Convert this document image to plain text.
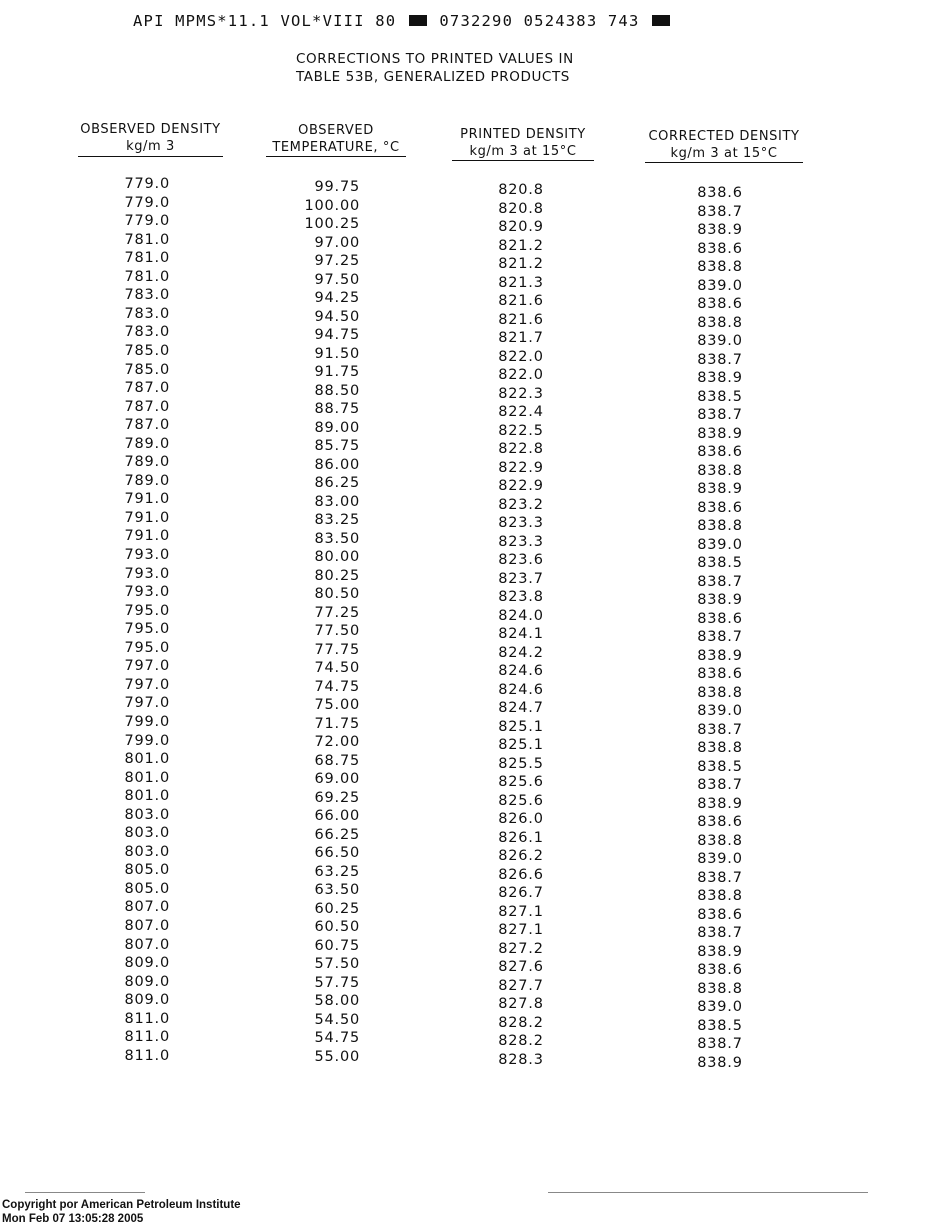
API MPMS*11.1 VOL*VIII 80	0732290 0524383 743
CORRECTIONS TO PRINTED VALUES IN
TABLE 53B, GENERALIZED PRODUCTS
OBSERVED DENSITY
kg/m 3
OBSERVED
TEMPERATURE, °C
PRINTED DENSITY
kg/m 3 at 15°C
CORRECTED DENSITY
kg/m 3 at 15°C
779.0
779.0
779.0
781.0
781.0
781.0
783.0
783.0
783.0
785.0
785.0
787.0
787.0
787.0
789.0
789.0
789.0
791.0
791.0
791.0
793.0
793.0
793.0
795.0
795.0
795.0
797.0
797.0
797.0
799.0
799.0
801.0
801.0
801.0
803.0
803.0
803.0
805.0
805.0
807.0
807.0
807.0
809.0
809.0
809.0
811.0
811.0
811.0
99.75
100.00
100.25
97.00
97.25
97.50
94.25
94.50
94.75
91.50
91.75
88.50
88.75
89.00
85.75
86.00
86.25
83.00
83.25
83.50
80.00
80.25
80.50
77.25
77.50
77.75
74.50
74.75
75.00
71.75
72.00
68.75
69.00
69.25
66.00
66.25
66.50
63.25
63.50
60.25
60.50
60.75
57.50
57.75
58.00
54.50
54.75
55.00
820.8
820.8
820.9
821.2
821.2
821.3
821.6
821.6
821.7
822.0
822.0
822.3
822.4
822.5
822.8
822.9
822.9
823.2
823.3
823.3
823.6
823.7
823.8
824.0
824.1
824.2
824.6
824.6
824.7
825.1
825.1
825.5
825.6
825.6
826.0
826.1
826.2
826.6
826.7
827.1
827.1
827.2
827.6
827.7
827.8
828.2
828.2
828.3
838.6
838.7
838.9
838.6
838.8
839.0
838.6
838.8
839.0
838.7
838.9
838.5
838.7
838.9
838.6
838.8
838.9
838.6
838.8
839.0
838.5
838.7
838.9
838.6
838.7
838.9
838.6
838.8
839.0
838.7
838.8
838.5
838.7
838.9
838.6
838.8
839.0
838.7
838.8
838.6
838.7
838.9
838.6
838.8
839.0
838.5
838.7
838.9
Copyright por American Petroleum Institute
Mon Feb 07 13:05:28 2005
